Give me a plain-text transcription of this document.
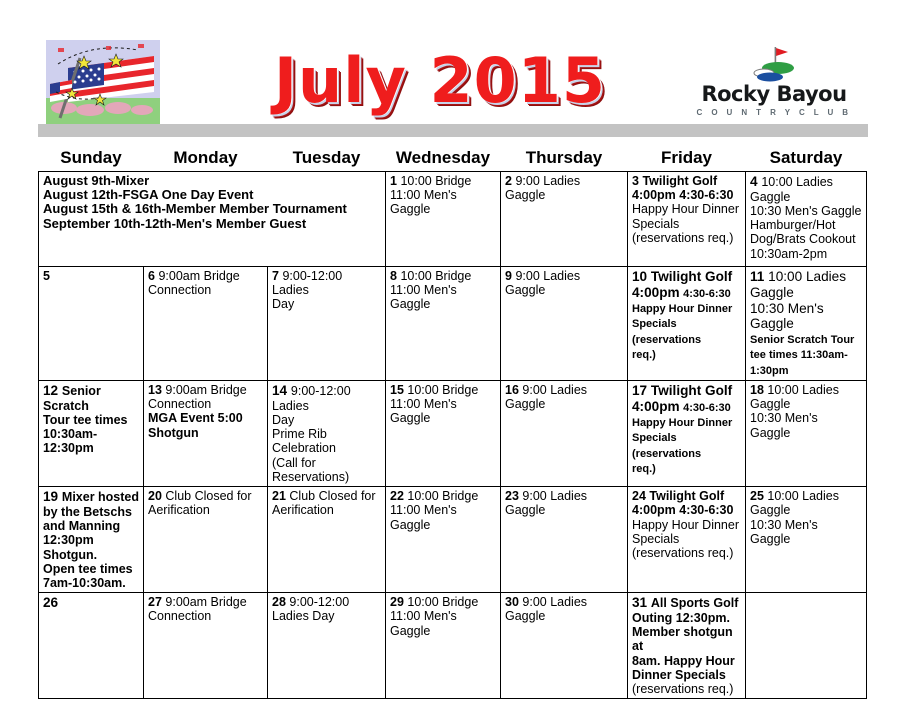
July 2015	Rocky Bayou
C O U N T R Y C L U B
Sunday	Monday	Tuesday	Wednesday	Thursday	Friday	Saturday

August 9th-Mixer
August 12th-FSGA One Day Event
August 15th & 16th-Member Member Tournament
September 10th-12th-Men's Member Guest
	1 10:00 Bridge
11:00 Men's Gaggle	2 9:00 Ladies
Gaggle	3 Twilight Golf
4:00pm 4:30-6:30
Happy Hour Dinner
Specials
(reservations req.)	4 10:00 Ladies
Gaggle
10:30 Men's Gaggle
Hamburger/Hot
Dog/Brats Cookout
10:30am-2pm
5	6 9:00am Bridge
Connection	7 9:00-12:00 Ladies
Day	8 10:00 Bridge
11:00 Men's Gaggle	9 9:00 Ladies
Gaggle	10 Twilight Golf
4:00pm 4:30-6:30
Happy Hour Dinner
Specials (reservations
req.)	11 10:00 Ladies
Gaggle
10:30 Men's
Gaggle
Senior Scratch Tour
tee times 11:30am-
1:30pm
12 Senior Scratch
Tour tee times
10:30am-12:30pm	13 9:00am Bridge
Connection
MGA Event 5:00
Shotgun	14 9:00-12:00 Ladies
Day
Prime Rib Celebration
(Call for
Reservations)	15 10:00 Bridge
11:00 Men's Gaggle	16 9:00 Ladies
Gaggle	17 Twilight Golf
4:00pm 4:30-6:30
Happy Hour Dinner
Specials (reservations
req.)	18 10:00 Ladies
Gaggle
10:30 Men's
Gaggle
19 Mixer hosted
by the Betschs
and Manning
12:30pm Shotgun.
Open tee times
7am-10:30am.	20 Club Closed for
Aerification	21 Club Closed for
Aerification	22 10:00 Bridge
11:00 Men's Gaggle	23 9:00 Ladies
Gaggle	24 Twilight Golf
4:00pm 4:30-6:30
Happy Hour Dinner
Specials
(reservations req.)	25 10:00 Ladies
Gaggle
10:30 Men's
Gaggle
26	27 9:00am Bridge
Connection	28 9:00-12:00
Ladies Day	29 10:00 Bridge
11:00 Men's Gaggle	30 9:00 Ladies
Gaggle	31 All Sports Golf
Outing 12:30pm.
Member shotgun at
8am. Happy Hour
Dinner Specials
(reservations req.)	
